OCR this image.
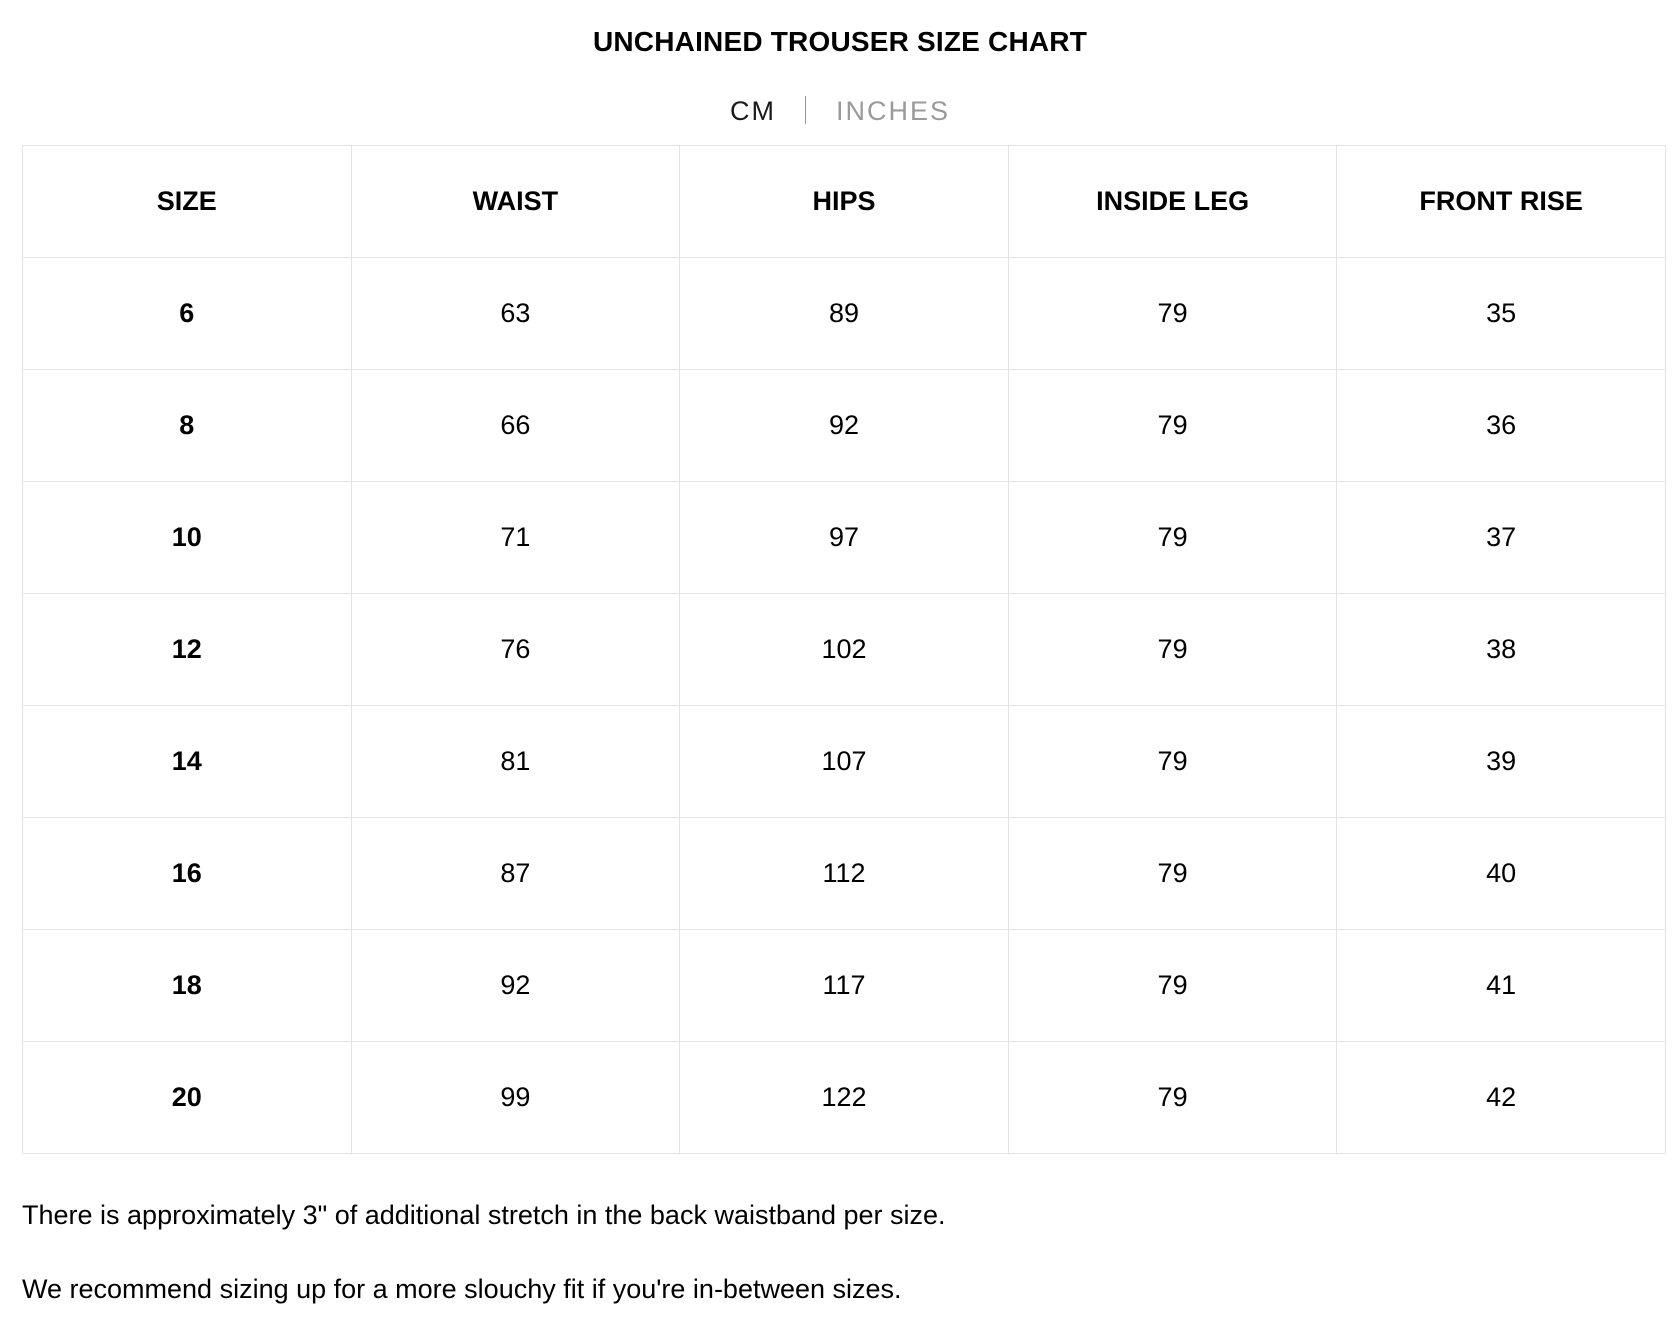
UNCHAINED TROUSER SIZE CHART
CM INCHES
SIZE	WAIST	HIPS	INSIDE LEG	FRONT RISE
6	63	89	79	35
8	66	92	79	36
10	71	97	79	37
12	76	102	79	38
14	81	107	79	39
16	87	112	79	40
18	92	117	79	41
20	99	122	79	42
There is approximately 3" of additional stretch in the back waistband per size.
We recommend sizing up for a more slouchy fit if you're in-between sizes.
